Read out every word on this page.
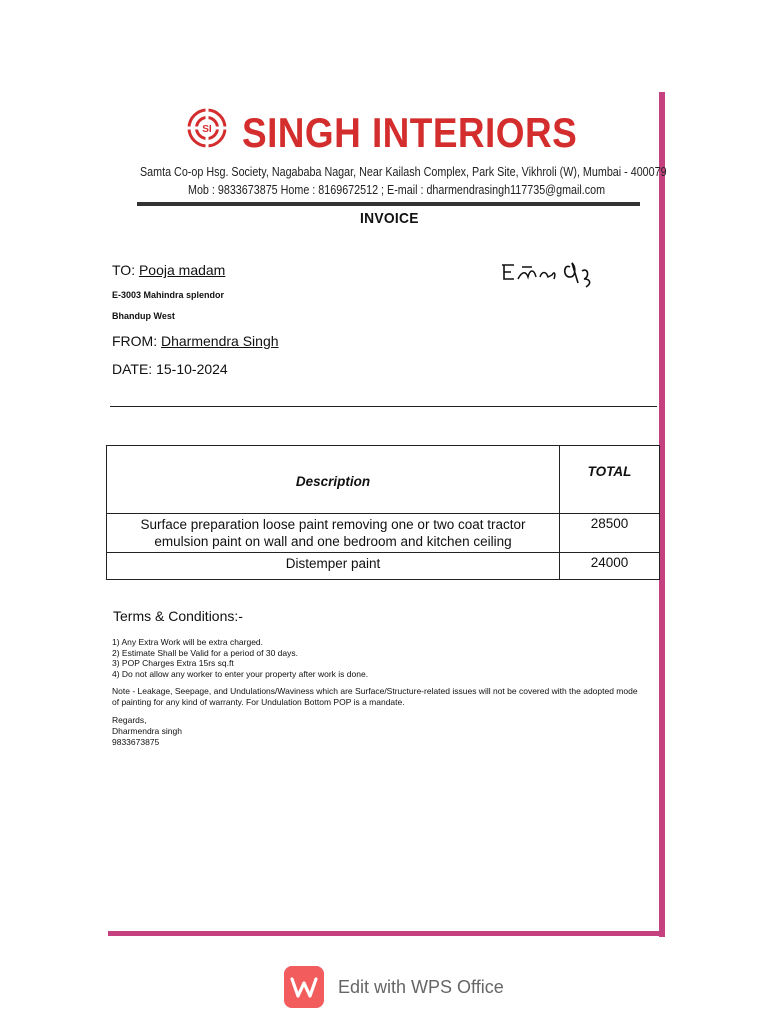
SI SINGH INTERIORS
Samta Co-op Hsg. Society, Nagababa Nagar, Near Kailash Complex, Park Site, Vikhroli (W), Mumbai - 400079
Mob : 9833673875 Home : 8169672512 ; E-mail : dharmendrasingh117735@gmail.com
INVOICE
TO: Pooja madam
E-3003 Mahindra splendor
Bhandup West
FROM: Dharmendra Singh
DATE: 15-10-2024
Description	TOTAL
Surface preparation loose paint removing one or two coat tractor emulsion paint on wall and one bedroom and kitchen ceiling	28500
Distemper paint	24000
Terms & Conditions:-

1) Any Extra Work will be extra charged.

2) Estimate Shall be Valid for a period of 30 days.

3) POP Charges Extra 15rs sq.ft

4) Do not allow any worker to enter your property after work is done.

Note - Leakage, Seepage, and Undulations/Waviness which are Surface/Structure-related issues will not be covered with the adopted mode of painting for any kind of warranty. For Undulation Bottom POP is a mandate.

Regards,

Dharmendra singh

9833673875

Edit with WPS Office
